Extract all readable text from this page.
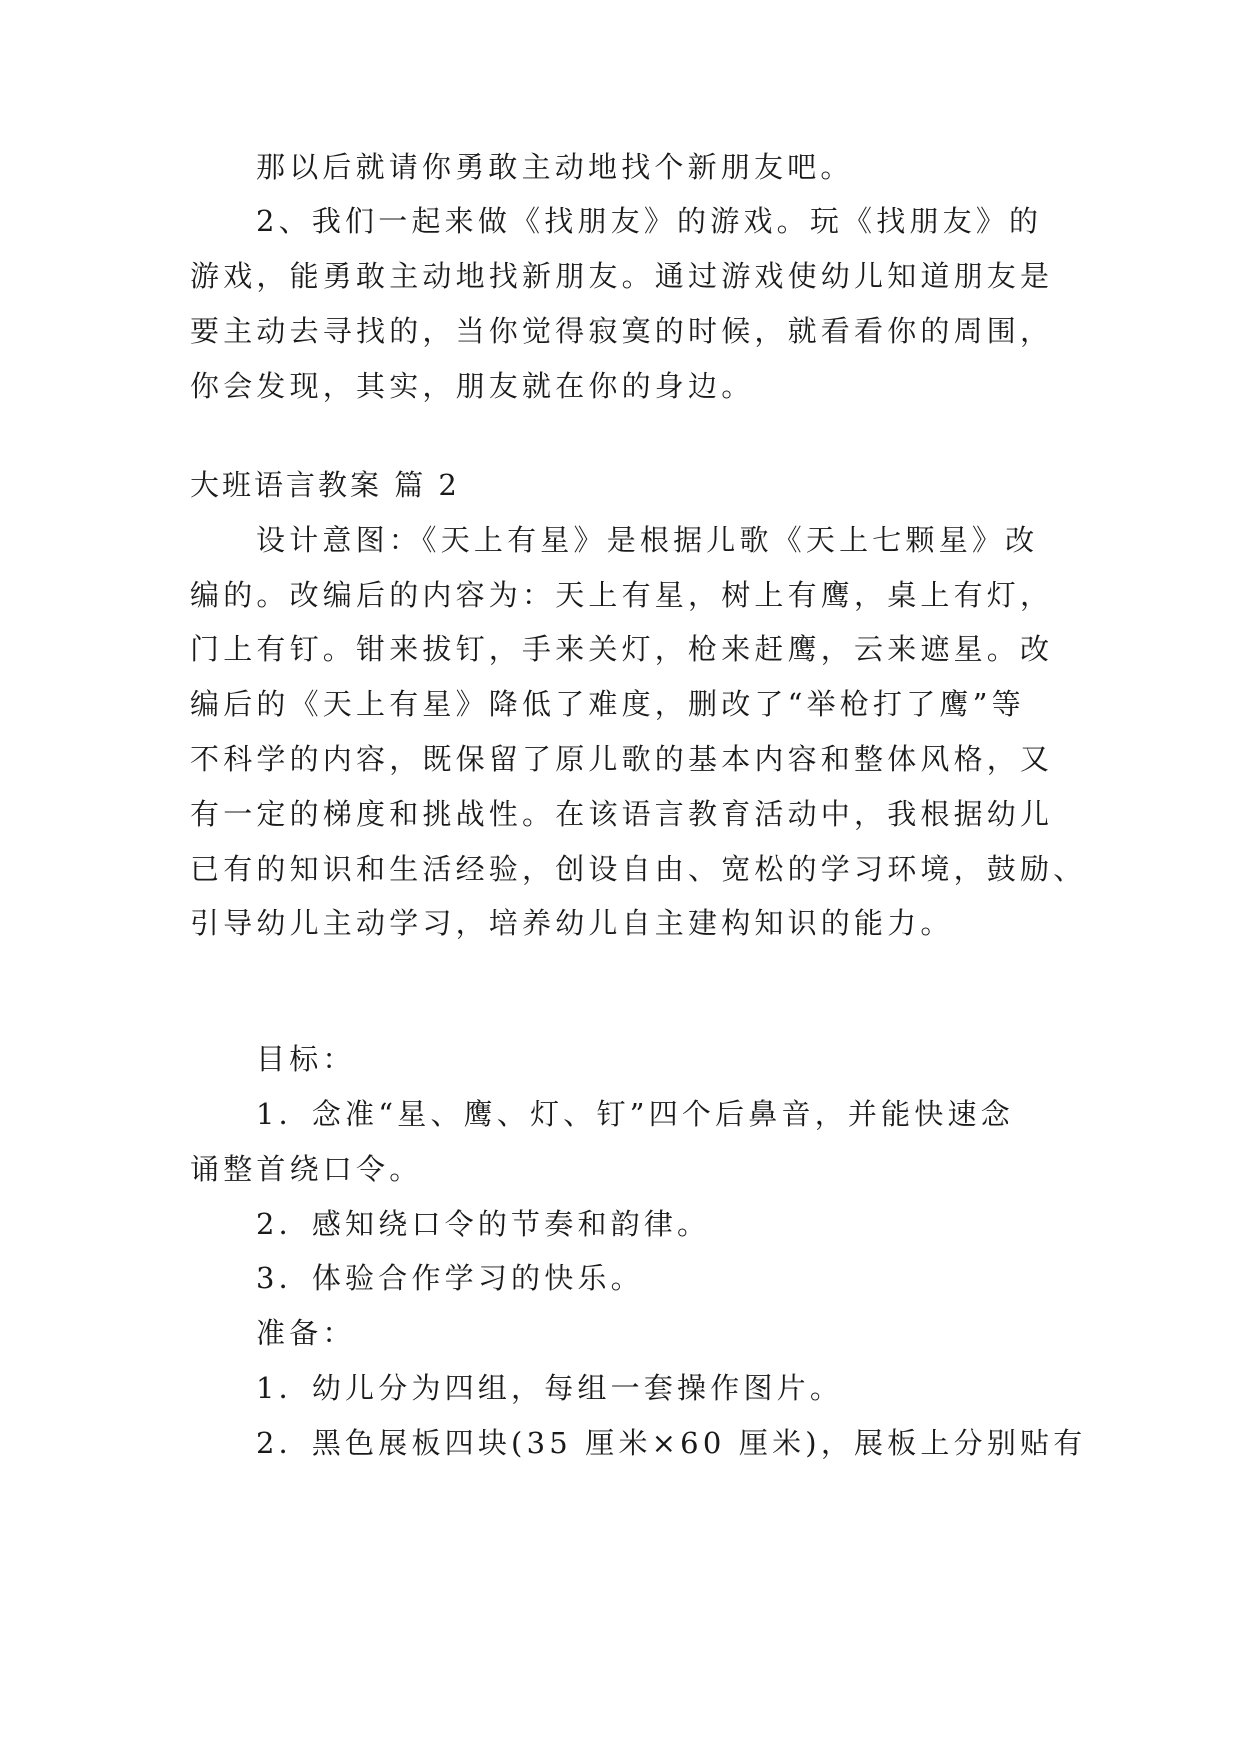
那以后就请你勇敢主动地找个新朋友吧。
2、我们一起来做《找朋友》的游戏。玩《找朋友》的
游戏，能勇敢主动地找新朋友。通过游戏使幼儿知道朋友是
要主动去寻找的，当你觉得寂寞的时候，就看看你的周围，
你会发现，其实，朋友就在你的身边。
大班语言教案 篇 2
设计意图：《天上有星》是根据儿歌《天上七颗星》改
编的。改编后的内容为：天上有星，树上有鹰，桌上有灯，
门上有钉。钳来拔钉，手来关灯，枪来赶鹰，云来遮星。改
编后的《天上有星》降低了难度，删改了“举枪打了鹰”等
不科学的内容，既保留了原儿歌的基本内容和整体风格，又
有一定的梯度和挑战性。在该语言教育活动中，我根据幼儿
已有的知识和生活经验，创设自由、宽松的学习环境，鼓励、
引导幼儿主动学习，培养幼儿自主建构知识的能力。
目标：
1．念准“星、鹰、灯、钉”四个后鼻音，并能快速念
诵整首绕口令。
2．感知绕口令的节奏和韵律。
3．体验合作学习的快乐。
准备：
1．幼儿分为四组，每组一套操作图片。
2．黑色展板四块(35 厘米×60 厘米)，展板上分别贴有
